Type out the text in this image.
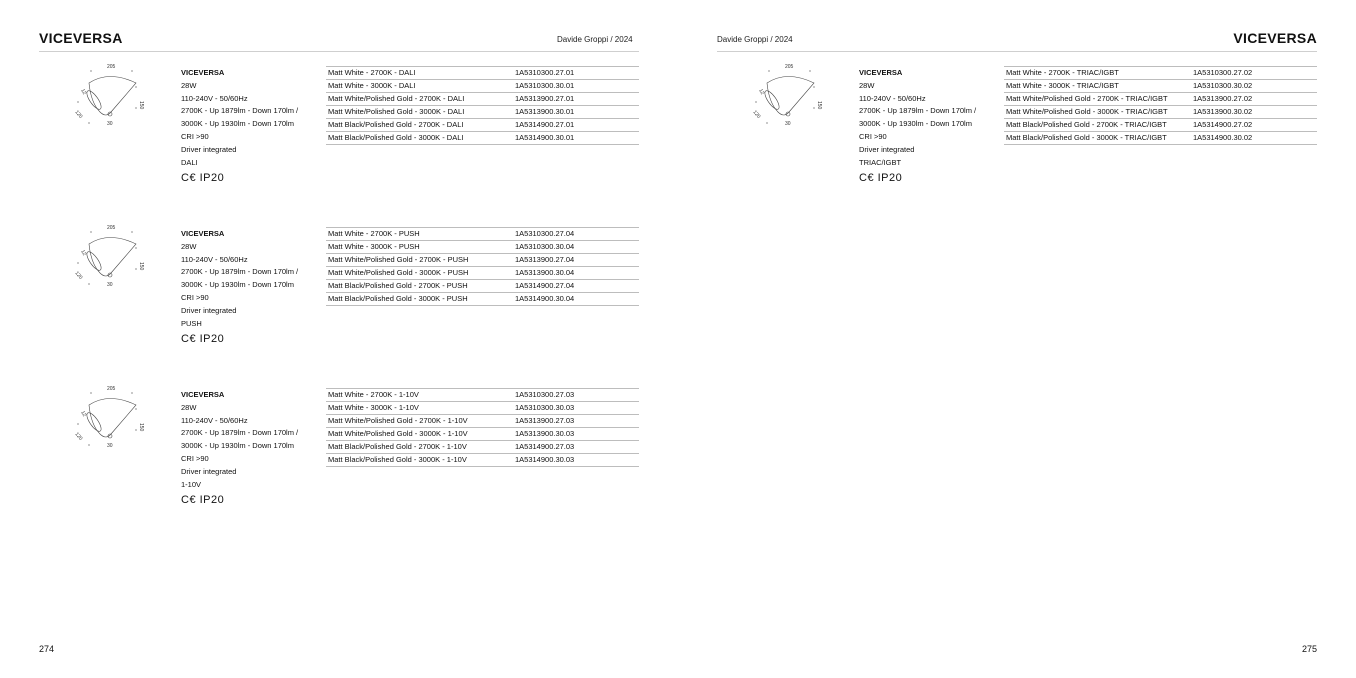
VICEVERSA	Davide Groppi / 2024
205
150
12
120
30
VICEVERSA
28W
110-240V - 50/60Hz
2700K - Up 1879lm - Down 170lm /
3000K - Up 1930lm - Down 170lm
CRI >90
Driver integrated
DALI
C€ IP20
Matt White - 2700K - DALI	1A5310300.27.01
Matt White - 3000K - DALI	1A5310300.30.01
Matt White/Polished Gold - 2700K - DALI	1A5313900.27.01
Matt White/Polished Gold - 3000K - DALI	1A5313900.30.01
Matt Black/Polished Gold - 2700K - DALI	1A5314900.27.01
Matt Black/Polished Gold - 3000K - DALI	1A5314900.30.01
205
150
12
120
30
VICEVERSA
28W
110-240V - 50/60Hz
2700K - Up 1879lm - Down 170lm /
3000K - Up 1930lm - Down 170lm
CRI >90
Driver integrated
PUSH
C€ IP20
Matt White - 2700K - PUSH	1A5310300.27.04
Matt White - 3000K - PUSH	1A5310300.30.04
Matt White/Polished Gold - 2700K - PUSH	1A5313900.27.04
Matt White/Polished Gold - 3000K - PUSH	1A5313900.30.04
Matt Black/Polished Gold - 2700K - PUSH	1A5314900.27.04
Matt Black/Polished Gold - 3000K - PUSH	1A5314900.30.04
205
150
12
120
30
VICEVERSA
28W
110-240V - 50/60Hz
2700K - Up 1879lm - Down 170lm /
3000K - Up 1930lm - Down 170lm
CRI >90
Driver integrated
1-10V
C€ IP20
Matt White - 2700K - 1-10V	1A5310300.27.03
Matt White - 3000K - 1-10V	1A5310300.30.03
Matt White/Polished Gold - 2700K - 1-10V	1A5313900.27.03
Matt White/Polished Gold - 3000K - 1-10V	1A5313900.30.03
Matt Black/Polished Gold - 2700K - 1-10V	1A5314900.27.03
Matt Black/Polished Gold - 3000K - 1-10V	1A5314900.30.03
274
Davide Groppi / 2024	VICEVERSA
205
150
12
120
30
VICEVERSA
28W
110-240V - 50/60Hz
2700K - Up 1879lm - Down 170lm /
3000K - Up 1930lm - Down 170lm
CRI >90
Driver integrated
TRIAC/IGBT
C€ IP20
Matt White - 2700K - TRIAC/IGBT	1A5310300.27.02
Matt White - 3000K - TRIAC/IGBT	1A5310300.30.02
Matt White/Polished Gold - 2700K - TRIAC/IGBT	1A5313900.27.02
Matt White/Polished Gold - 3000K - TRIAC/IGBT	1A5313900.30.02
Matt Black/Polished Gold - 2700K - TRIAC/IGBT	1A5314900.27.02
Matt Black/Polished Gold - 3000K - TRIAC/IGBT	1A5314900.30.02
275
